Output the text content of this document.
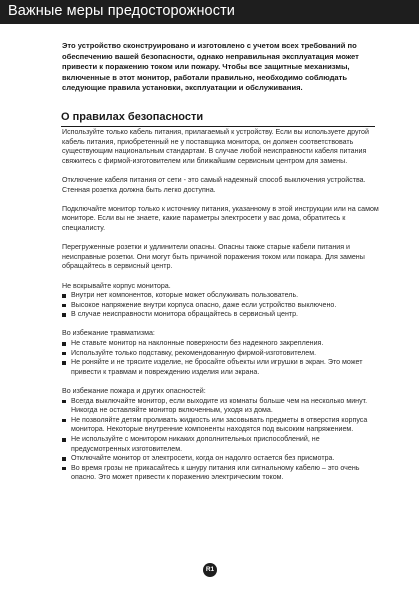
Важные меры предосторожности

Это устройство сконструировано и изготовлено с учетом всех требований по обеспечению вашей безопасности, однако неправильная эксплуатация может привести к поражению током или пожару. Чтобы все защитные механизмы, включенные в этот монитор, работали правильно, необходимо соблюдать следующие правила установки, эксплуатации и обслуживания.

О правилах безопасности

Используйте только кабель питания, прилагаемый к устройству. Если вы используете другой кабель питания, приобретенный не у поставщика монитора, он должен соответствовать существующим национальным стандартам. В случае любой неисправности кабеля питания свяжитесь с фирмой-изготовителем или ближайшим сервисным центром для замены.

Отключение кабеля питания от сети - это самый надежный способ выключения устройства. Стенная розетка должна быть легко доступна.

Подключайте монитор только к источнику питания, указанному в этой инструкции или на самом мониторе. Если вы не знаете, какие параметры электросети у вас дома, обратитесь к специалисту.

Перегруженные розетки и удлинители опасны. Опасны также старые кабели питания и неисправные розетки. Они могут быть причиной поражения током или пожара. Для замены обращайтесь в сервисный центр.

Не вскрывайте корпус монитора.

Внутри нет компонентов, которые может обслуживать пользователь.
Высокое напряжение внутри корпуса опасно, даже если устройство выключено.
В случае неисправности монитора обращайтесь в сервисный центр.

Во избежание травматизма:

Не ставьте монитор на наклонные поверхности без надежного закрепления.
Используйте только подставку, рекомендованную фирмой-изготовителем.
Не роняйте и не трясите изделие, не бросайте объекты или игрушки в экран. Это может привести к травмам и повреждению изделия или экрана.

Во избежание пожара и других опасностей:

Всегда выключайте монитор, если выходите из комнаты больше чем на несколько минут. Никогда не оставляйте монитор включенным, уходя из дома.
Не позволяйте детям проливать жидкость или засовывать предметы в отверстия корпуса монитора. Некоторые внутренние компоненты находятся под высоким напряжением.
Не используйте с монитором никаких дополнительных приспособлений, не предусмотренных изготовителем.
Отключайте монитор от электросети, когда он надолго остается без присмотра.
Во время грозы не прикасайтесь к шнуру питания или сигнальному кабелю – это очень опасно. Это может привести к поражению электрическим током.
R1
